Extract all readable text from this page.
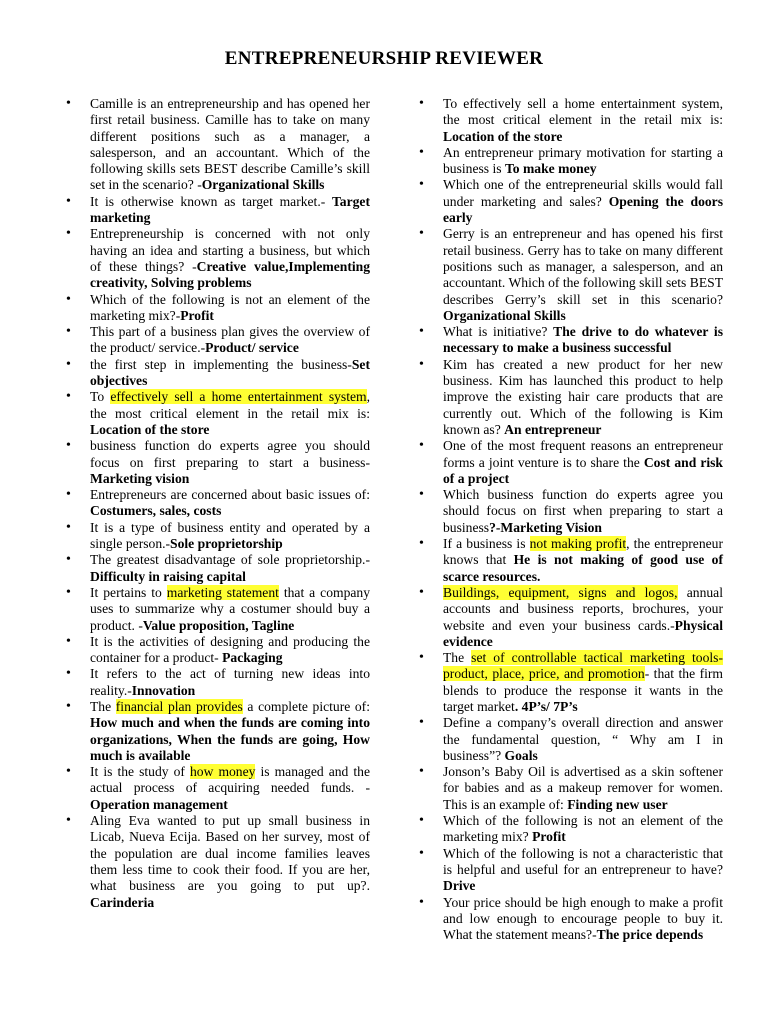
ENTREPRENEURSHIP REVIEWER
• Camille is an entrepreneurship and has opened her first retail business. Camille has to take on many different positions such as a manager, a salesperson, and an accountant. Which of the following skills sets BEST describe Camille’s skill set in the scenario? -Organizational Skills
• It is otherwise known as target market.- Target marketing
• Entrepreneurship is concerned with not only having an idea and starting a business, but which of these things? -Creative value,Implementing creativity, Solving problems
• Which of the following is not an element of the marketing mix?-Profit
• This part of a business plan gives the overview of the product/ service.-Product/ service
• the first step in implementing the business-Set objectives
• To effectively sell a home entertainment system, the most critical element in the retail mix is: Location of the store
• business function do experts agree you should focus on first preparing to start a business-Marketing vision
• Entrepreneurs are concerned about basic issues of: Costumers, sales, costs
• It is a type of business entity and operated by a single person.-Sole proprietorship
• The greatest disadvantage of sole proprietorship.- Difficulty in raising capital
• It pertains to marketing statement that a company uses to summarize why a costumer should buy a product. -Value proposition, Tagline
• It is the activities of designing and producing the container for a product- Packaging
• It refers to the act of turning new ideas into reality.-Innovation
• The financial plan provides a complete picture of: How much and when the funds are coming into organizations, When the funds are going, How much is available
• It is the study of how money is managed and the actual process of acquiring needed funds. - Operation management
• Aling Eva wanted to put up small business in Licab, Nueva Ecija. Based on her survey, most of the population are dual income families leaves them less time to cook their food. If you are her, what business are you going to put up?. Carinderia
• To effectively sell a home entertainment system, the most critical element in the retail mix is: Location of the store
• An entrepreneur primary motivation for starting a business is To make money
• Which one of the entrepreneurial skills would fall under marketing and sales? Opening the doors early
• Gerry is an entrepreneur and has opened his first retail business. Gerry has to take on many different positions such as manager, a salesperson, and an accountant. Which of the following skill sets BEST describes Gerry’s skill set in this scenario? Organizational Skills
• What is initiative? The drive to do whatever is necessary to make a business successful
• Kim has created a new product for her new business. Kim has launched this product to help improve the existing hair care products that are currently out. Which of the following is Kim known as? An entrepreneur
• One of the most frequent reasons an entrepreneur forms a joint venture is to share the Cost and risk of a project
• Which business function do experts agree you should focus on first when preparing to start a business?-Marketing Vision
• If a business is not making profit, the entrepreneur knows that He is not making of good use of scarce resources.
• Buildings, equipment, signs and logos, annual accounts and business reports, brochures, your website and even your business cards.-Physical evidence
• The set of controllable tactical marketing tools-product, place, price, and promotion- that the firm blends to produce the response it wants in the target market. 4P’s/ 7P’s
• Define a company’s overall direction and answer the fundamental question, “ Why am I in business”? Goals
• Jonson’s Baby Oil is advertised as a skin softener for babies and as a makeup remover for women. This is an example of: Finding new user
• Which of the following is not an element of the marketing mix? Profit
• Which of the following is not a characteristic that is helpful and useful for an entrepreneur to have? Drive
• Your price should be high enough to make a profit and low enough to encourage people to buy it. What the statement means?-The price depends
